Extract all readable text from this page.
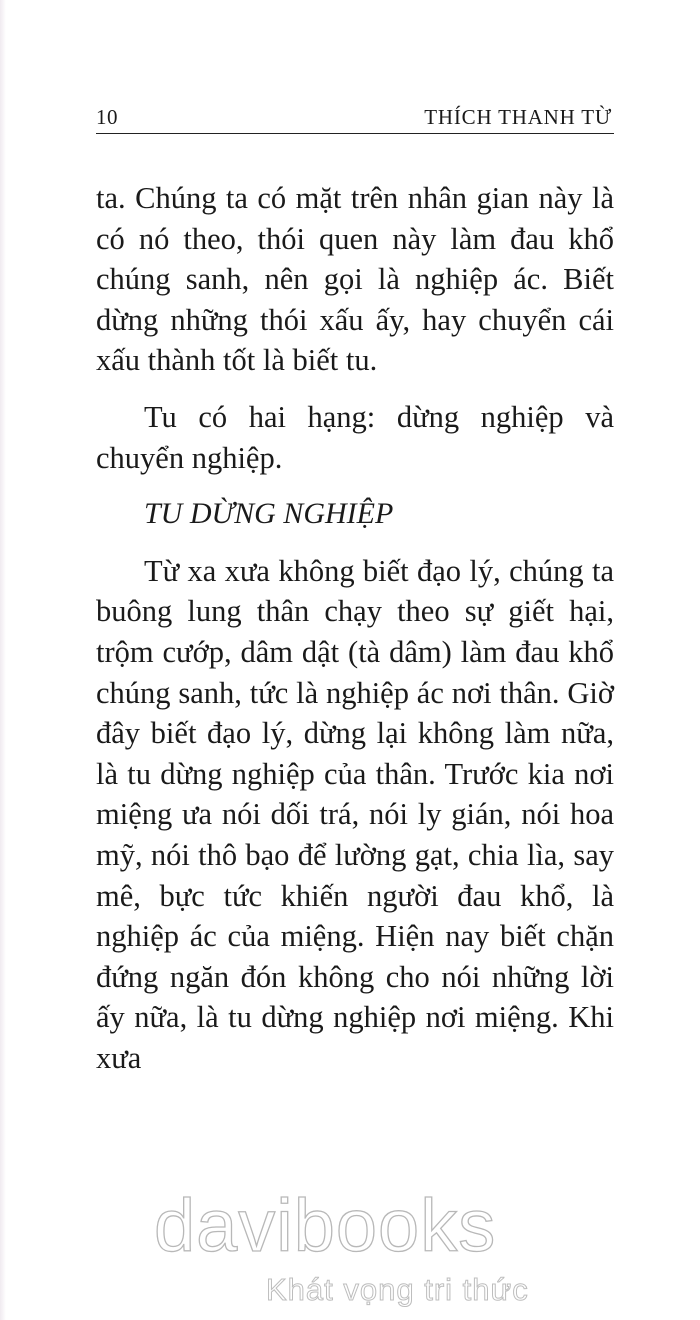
10	THÍCH THANH TỪ

ta. Chúng ta có mặt trên nhân gian này là có nó theo, thói quen này làm đau khổ chúng sanh, nên gọi là nghiệp ác. Biết dừng những thói xấu ấy, hay chuyển cái xấu thành tốt là biết tu.

Tu có hai hạng: dừng nghiệp và chuyển nghiệp.

TU DỪNG NGHIỆP

Từ xa xưa không biết đạo lý, chúng ta buông lung thân chạy theo sự giết hại, trộm cướp, dâm dật (tà dâm) làm đau khổ chúng sanh, tức là nghiệp ác nơi thân. Giờ đây biết đạo lý, dừng lại không làm nữa, là tu dừng nghiệp của thân. Trước kia nơi miệng ưa nói dối trá, nói ly gián, nói hoa mỹ, nói thô bạo để lường gạt, chia lìa, say mê, bực tức khiến người đau khổ, là nghiệp ác của miệng. Hiện nay biết chặn đứng ngăn đón không cho nói những lời ấy nữa, là tu dừng nghiệp nơi miệng. Khi xưa

davibooks
Khát vọng tri thức
